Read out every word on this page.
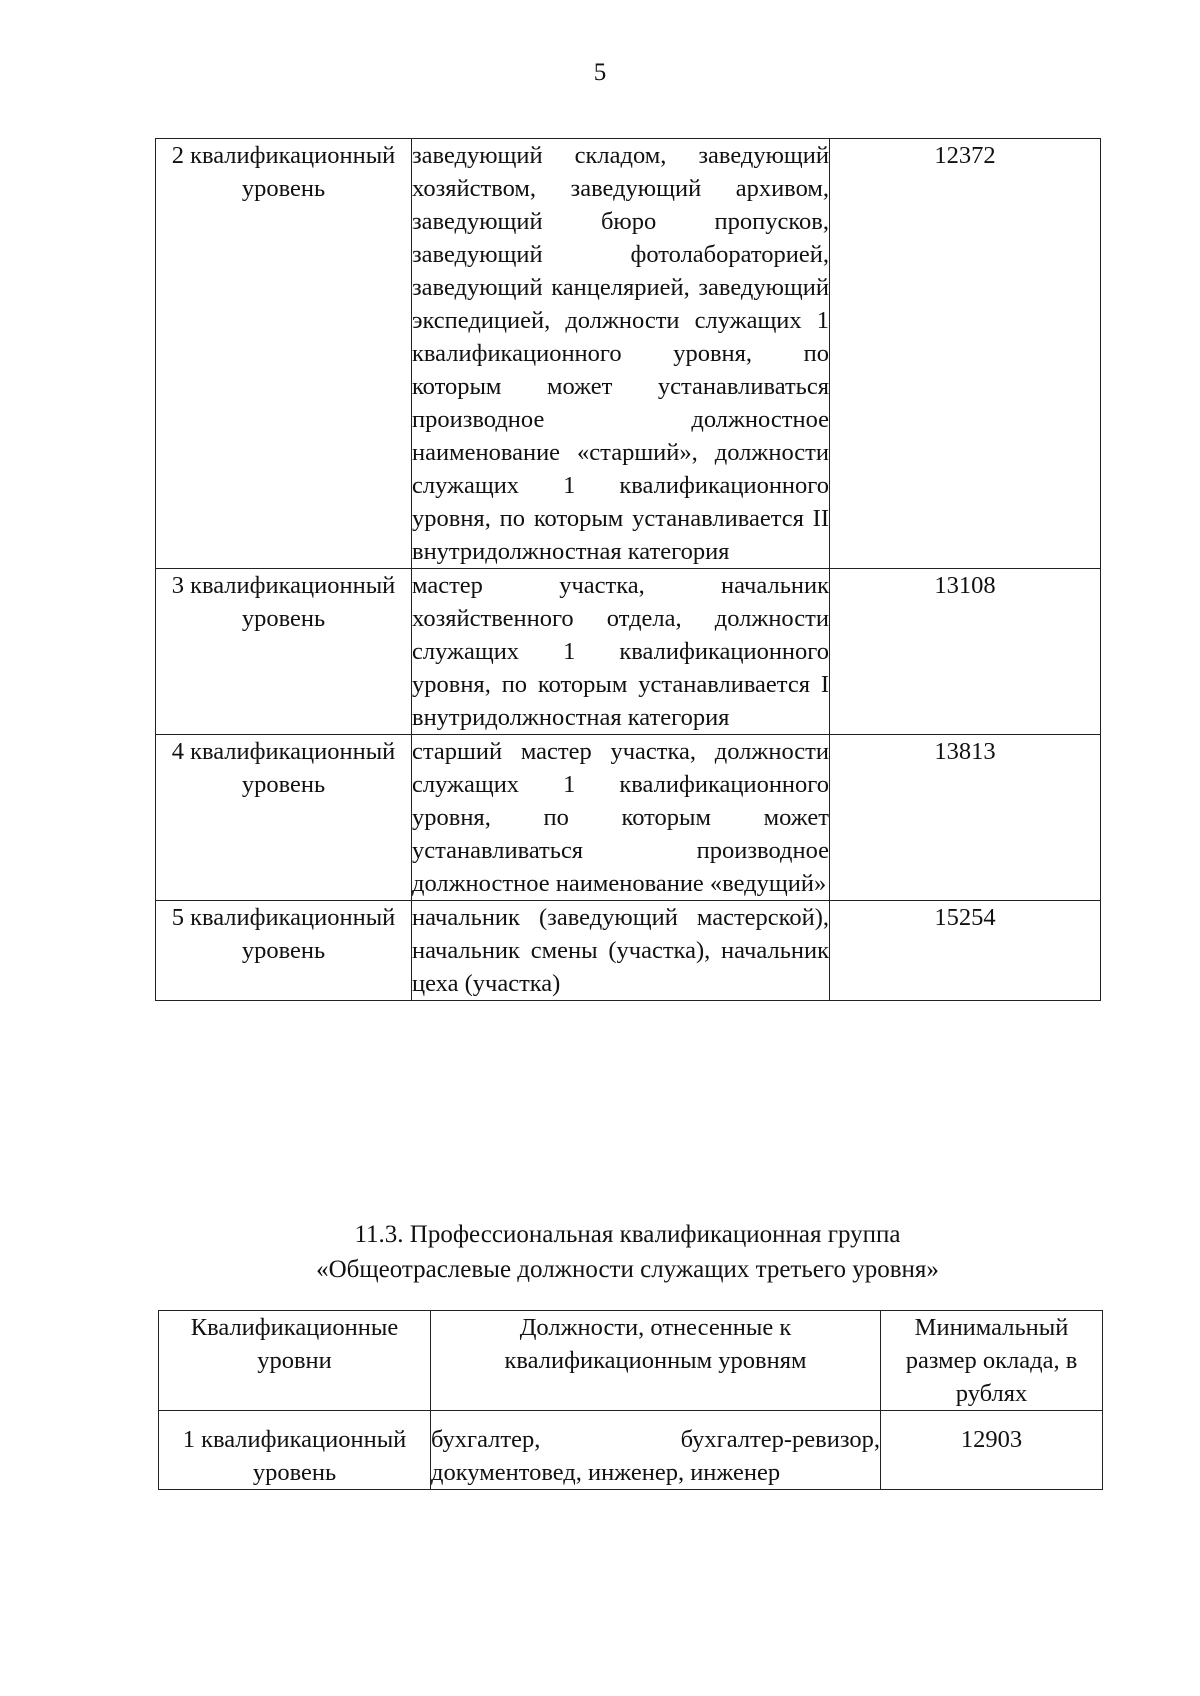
5
2 квалификационный уровень	заведующий складом, заведующий хозяйством, заведующий архивом, заведующий бюро пропусков, заведующий фотолабораторией, заведующий канцелярией, заведующий экспедицией, должности служащих 1 квалификационного уровня, по которым может устанавливаться производное должностное наименование «старший», должности служащих 1 квалификационного уровня, по которым устанавливается II внутридолжностная категория	12372
3 квалификационный уровень	мастер участка, начальник хозяйственного отдела, должности служащих 1 квалификационного уровня, по которым устанавливается I внутридолжностная категория	13108
4 квалификационный уровень	старший мастер участка, должности служащих 1 квалификационного уровня, по которым может устанавливаться производное должностное наименование «ведущий»	13813
5 квалификационный уровень	начальник (заведующий мастерской), начальник смены (участка), начальник цеха (участка)	15254
11.3. Профессиональная квалификационная группа
«Общеотраслевые должности служащих третьего уровня»
Квалификационные уровни	Должности, отнесенные к квалификационным уровням	Минимальный размер оклада, в рублях
1 квалификационный уровень	бухгалтер, бухгалтер-ревизор, документовед, инженер, инженер	12903
